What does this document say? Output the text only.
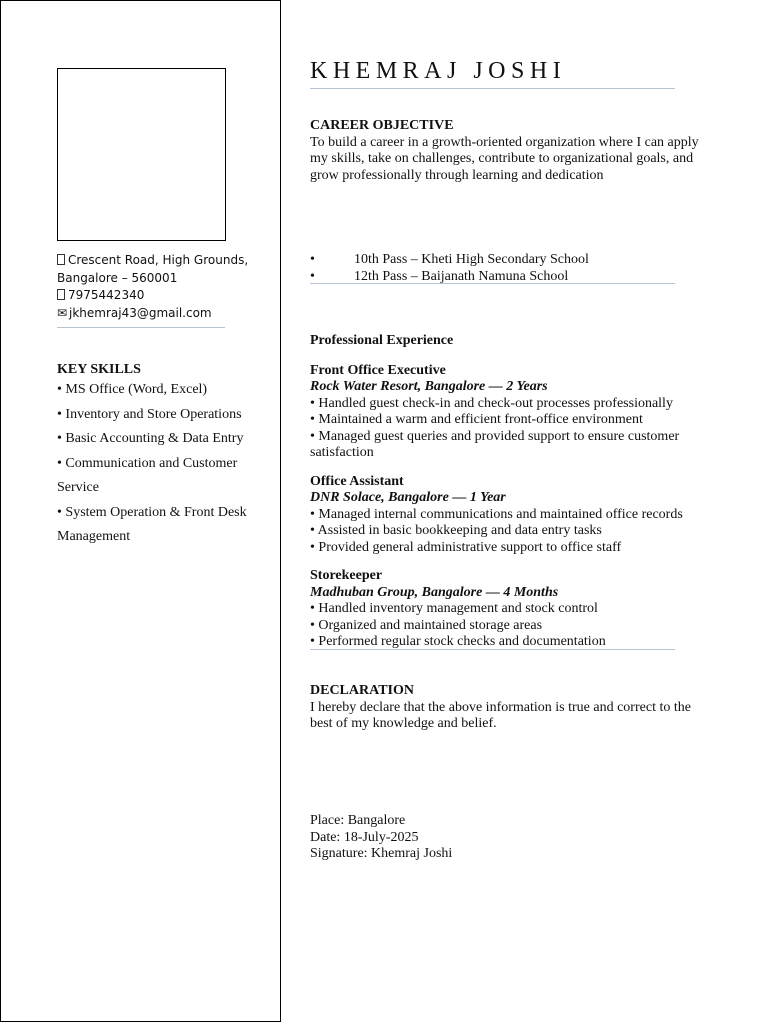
Crescent Road, High Grounds,
Bangalore – 560001
7975442340
✉ jkhemraj43@gmail.com
KEY SKILLS
• MS Office (Word, Excel)
• Inventory and Store Operations
• Basic Accounting & Data Entry
• Communication and Customer Service
• System Operation & Front Desk Management
KHEMRAJ JOSHI
CAREER OBJECTIVE
To build a career in a growth-oriented organization where I can apply my skills, take on challenges, contribute to organizational goals, and grow professionally through learning and dedication
•	10th Pass – Kheti High Secondary School
•	12th Pass – Baijanath Namuna School
Professional Experience
Front Office Executive
Rock Water Resort, Bangalore — 2 Years
• Handled guest check-in and check-out processes professionally
• Maintained a warm and efficient front-office environment
• Managed guest queries and provided support to ensure customer satisfaction
Office Assistant
DNR Solace, Bangalore — 1 Year
• Managed internal communications and maintained office records
• Assisted in basic bookkeeping and data entry tasks
• Provided general administrative support to office staff
Storekeeper
Madhuban Group, Bangalore — 4 Months
• Handled inventory management and stock control
• Organized and maintained storage areas
• Performed regular stock checks and documentation
DECLARATION
I hereby declare that the above information is true and correct to the best of my knowledge and belief.
Place: Bangalore
Date: 18-July-2025
Signature: Khemraj Joshi
